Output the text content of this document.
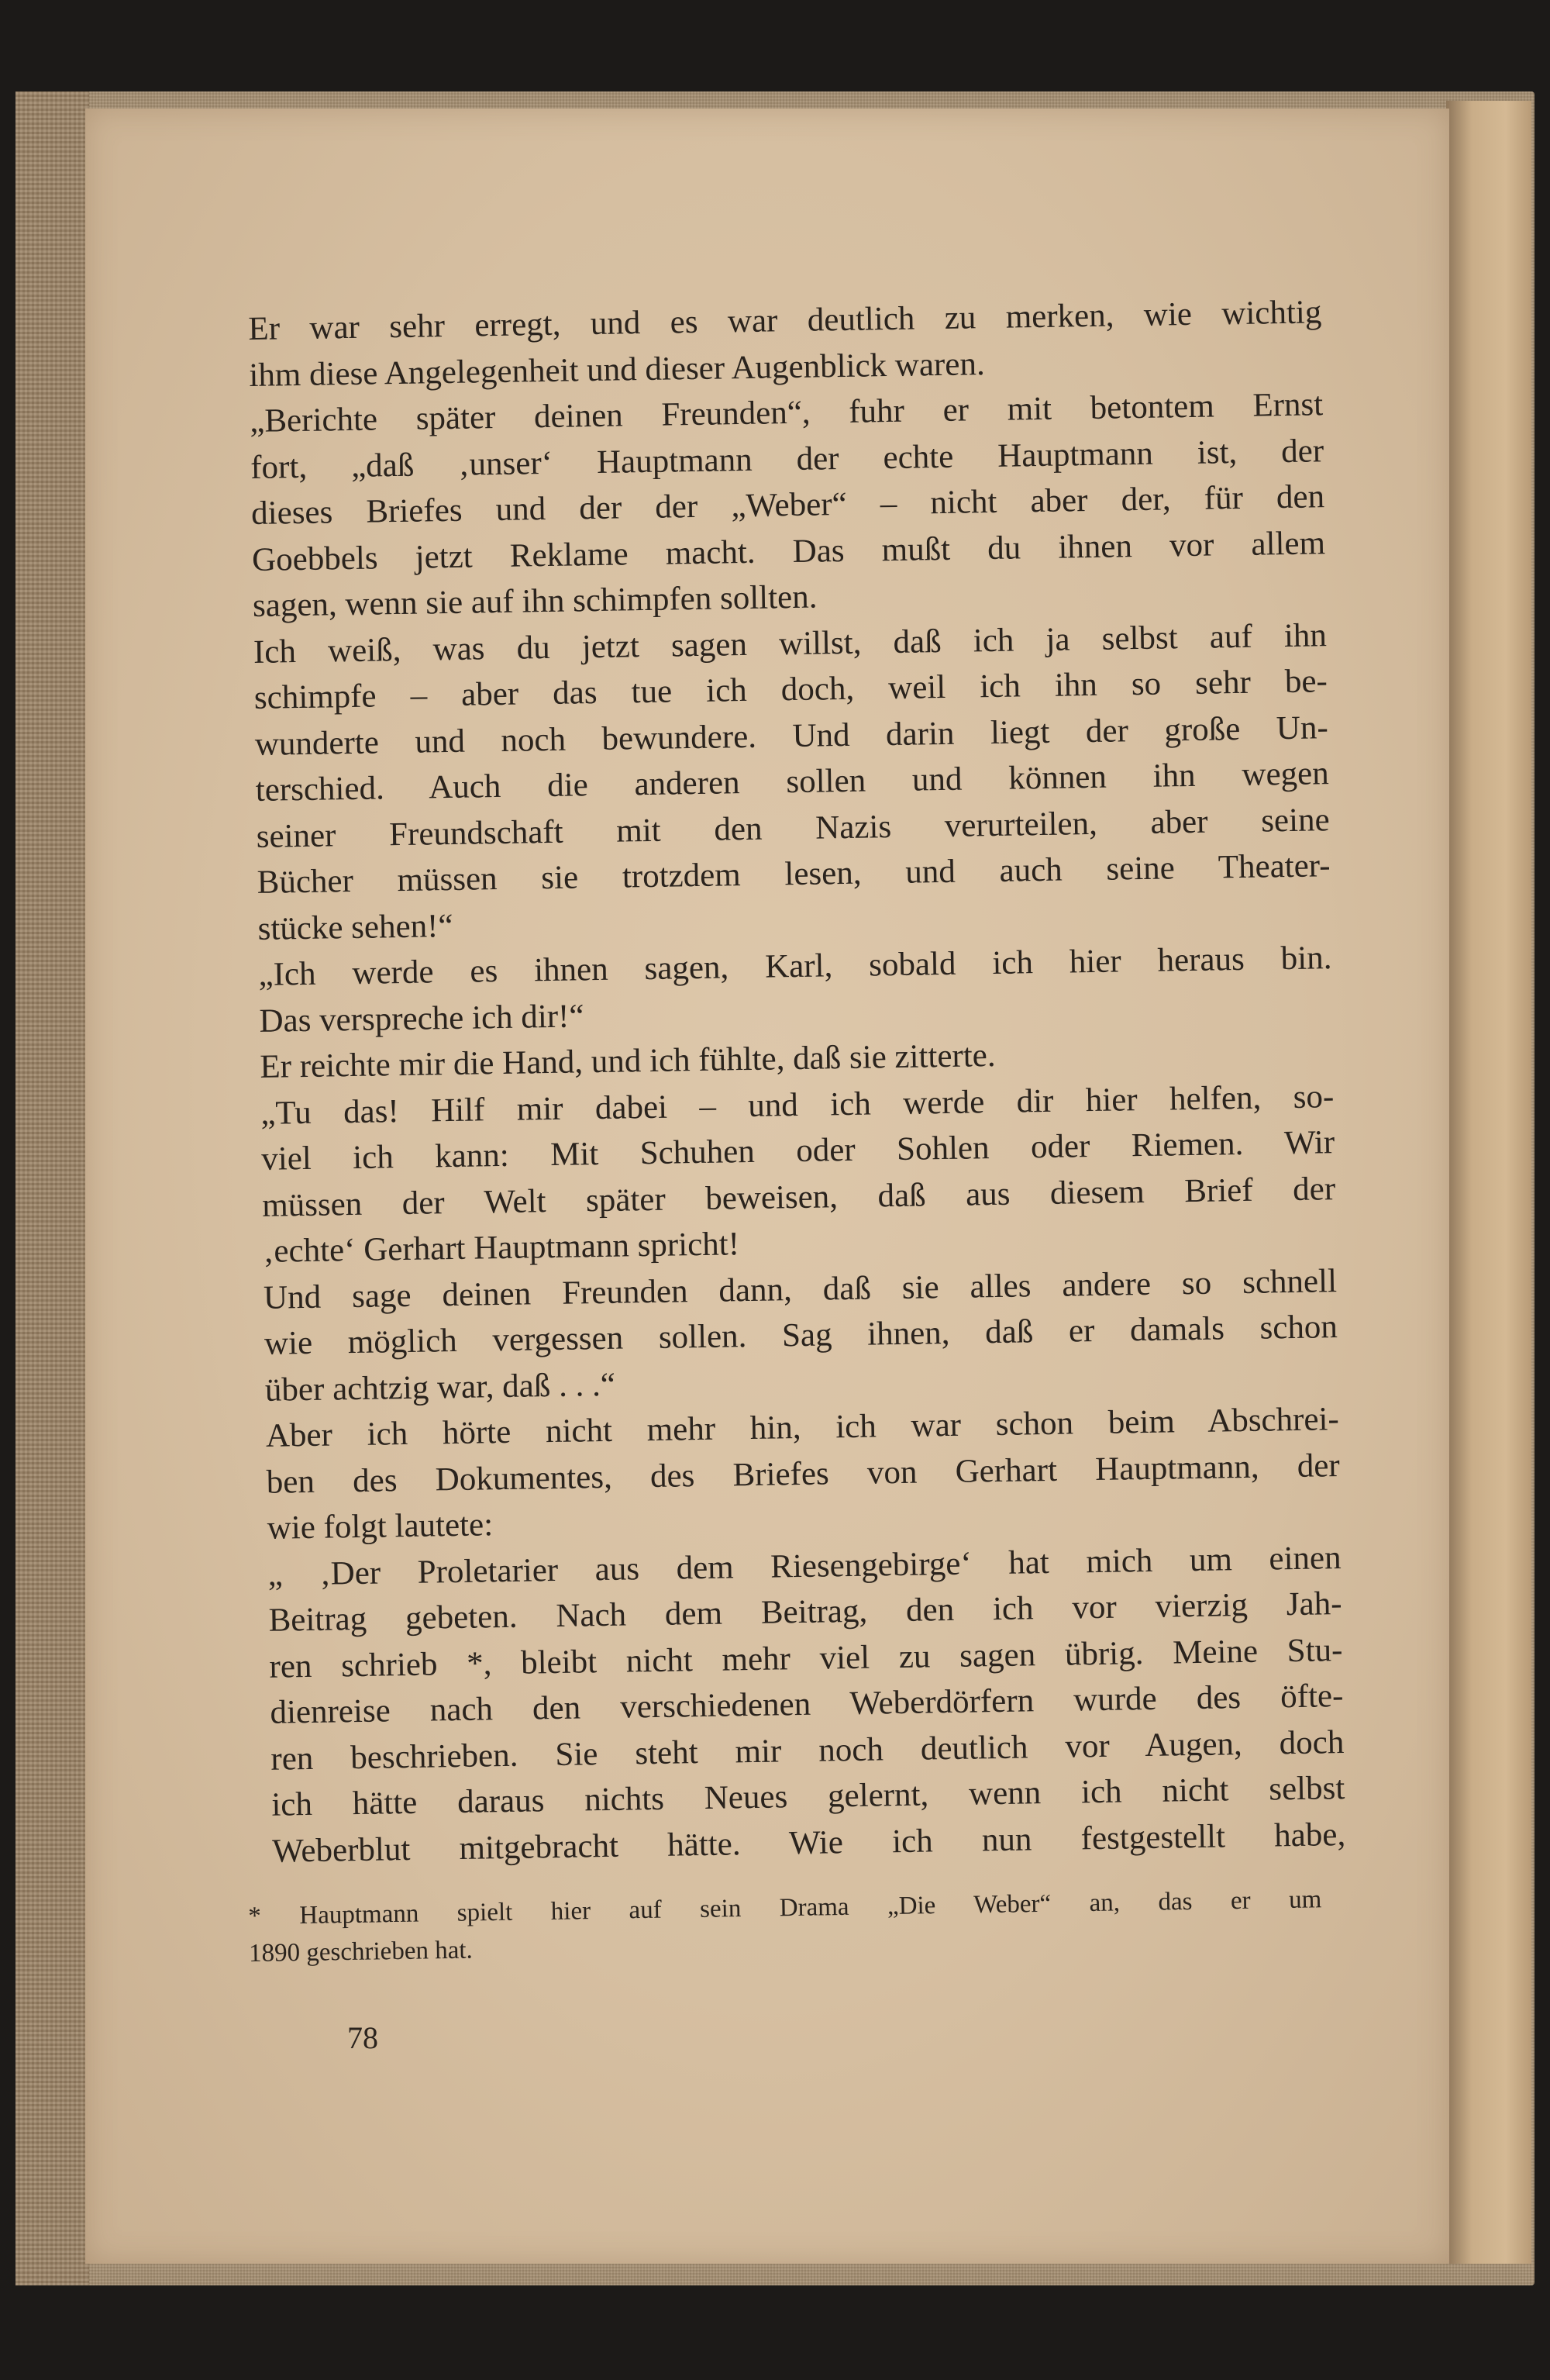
Er war sehr erregt, und es war deutlich zu merken, wie wichtig
ihm diese Angelegenheit und dieser Augenblick waren.
„Berichte später deinen Freunden“, fuhr er mit betontem Ernst
fort, „daß ‚unser‘ Hauptmann der echte Hauptmann ist, der
dieses Briefes und der der „Weber“ – nicht aber der, für den
Goebbels jetzt Reklame macht. Das mußt du ihnen vor allem
sagen, wenn sie auf ihn schimpfen sollten.
Ich weiß, was du jetzt sagen willst, daß ich ja selbst auf ihn
schimpfe – aber das tue ich doch, weil ich ihn so sehr be-
wunderte und noch bewundere. Und darin liegt der große Un-
terschied. Auch die anderen sollen und können ihn wegen
seiner Freundschaft mit den Nazis verurteilen, aber seine
Bücher müssen sie trotzdem lesen, und auch seine Theater-
stücke sehen!“
„Ich werde es ihnen sagen, Karl, sobald ich hier heraus bin.
Das verspreche ich dir!“
Er reichte mir die Hand, und ich fühlte, daß sie zitterte.
„Tu das! Hilf mir dabei – und ich werde dir hier helfen, so-
viel ich kann: Mit Schuhen oder Sohlen oder Riemen. Wir
müssen der Welt später beweisen, daß aus diesem Brief der
‚echte‘ Gerhart Hauptmann spricht!
Und sage deinen Freunden dann, daß sie alles andere so schnell
wie möglich vergessen sollen. Sag ihnen, daß er damals schon
über achtzig war, daß . . .“
Aber ich hörte nicht mehr hin, ich war schon beim Abschrei-
ben des Dokumentes, des Briefes von Gerhart Hauptmann, der
wie folgt lautete:
„ ‚Der Proletarier aus dem Riesengebirge‘ hat mich um einen
Beitrag gebeten. Nach dem Beitrag, den ich vor vierzig Jah-
ren schrieb *, bleibt nicht mehr viel zu sagen übrig. Meine Stu-
dienreise nach den verschiedenen Weberdörfern wurde des öfte-
ren beschrieben. Sie steht mir noch deutlich vor Augen, doch
ich hätte daraus nichts Neues gelernt, wenn ich nicht selbst
Weberblut mitgebracht hätte. Wie ich nun festgestellt habe,
* Hauptmann spielt hier auf sein Drama „Die Weber“ an, das er um
1890 geschrieben hat.
78
